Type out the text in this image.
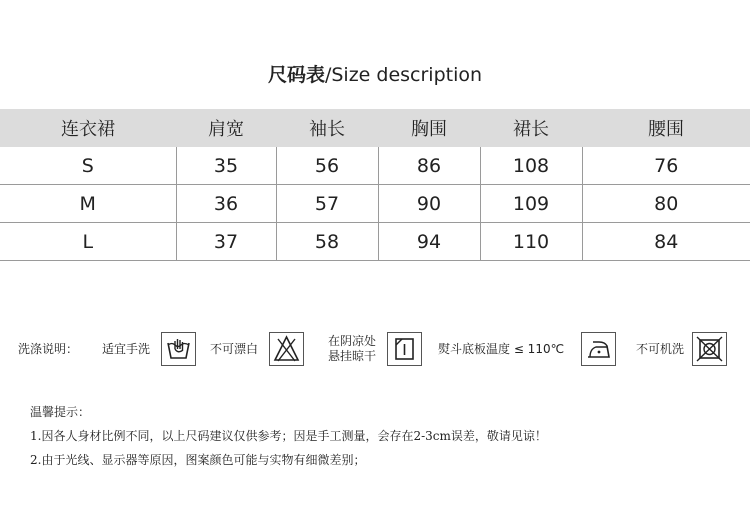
尺码表/Size description
连衣裙	肩宽	袖长	胸围	裙长	腰围
S	35	56	86	108	76
M	36	57	90	109	80
L	37	58	94	110	84
洗涤说明： 适宜手洗	不可漂白
在阴凉处
悬挂晾干	熨斗底板温度 ≤ 110℃	不可机洗
温馨提示：
1.因各人身材比例不同，以上尺码建议仅供参考；因是手工测量，会存在2-3cm误差，敬请见谅！
2.由于光线、显示器等原因，图案颜色可能与实物有细微差别；
